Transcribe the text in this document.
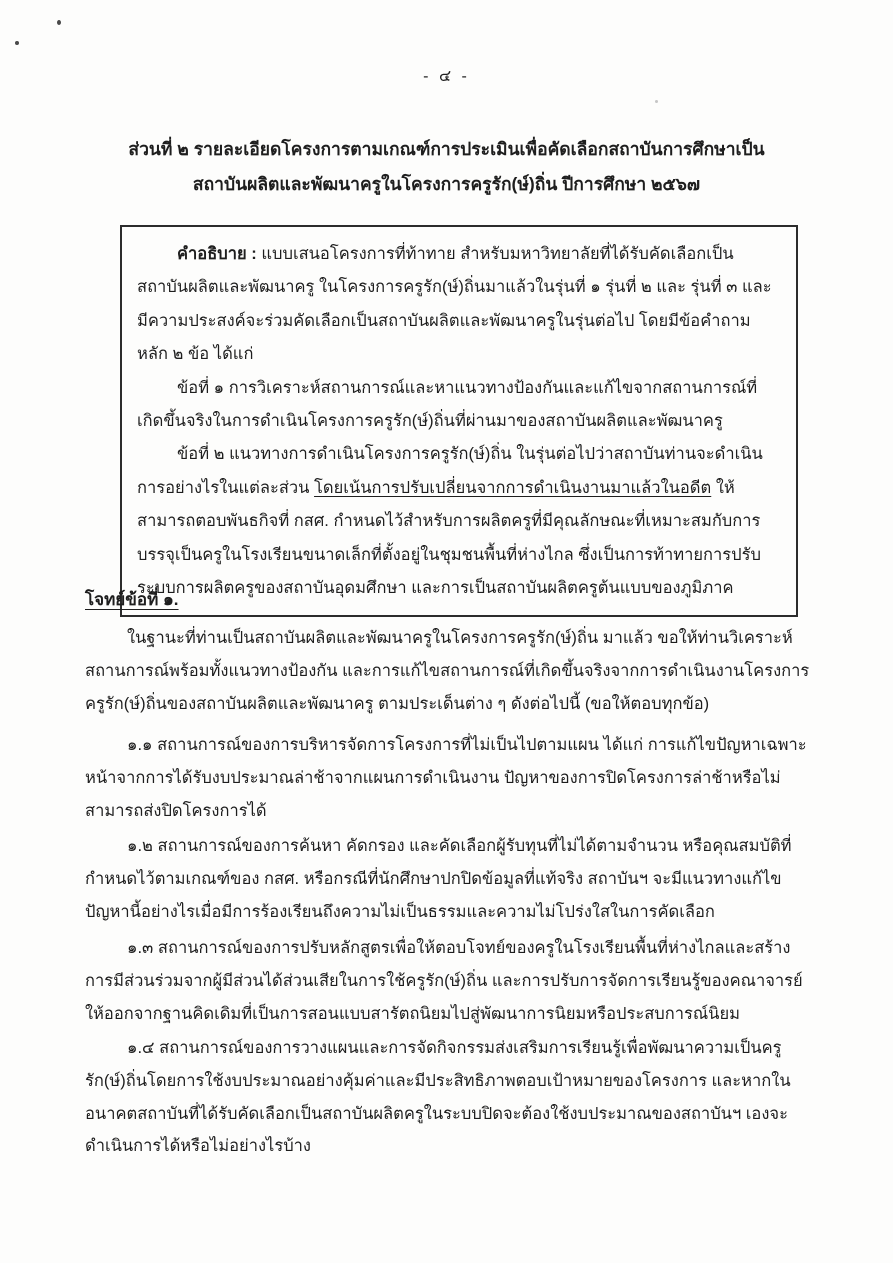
- ๔ -
ส่วนที่ ๒ รายละเอียดโครงการตามเกณฑ์การประเมินเพื่อคัดเลือกสถาบันการศึกษาเป็น
สถาบันผลิตและพัฒนาครูในโครงการครูรัก(ษ์)ถิ่น ปีการศึกษา ๒๕๖๗

คำอธิบาย : แบบเสนอโครงการที่ท้าทาย สำหรับมหาวิทยาลัยที่ได้รับคัดเลือกเป็นสถาบันผลิตและพัฒนาครู ในโครงการครูรัก(ษ์)ถิ่นมาแล้วในรุ่นที่ ๑ รุ่นที่ ๒ และ รุ่นที่ ๓ และมีความประสงค์จะร่วมคัดเลือกเป็นสถาบันผลิตและพัฒนาครูในรุ่นต่อไป โดยมีข้อคำถามหลัก ๒ ข้อ ได้แก่

ข้อที่ ๑ การวิเคราะห์สถานการณ์และหาแนวทางป้องกันและแก้ไขจากสถานการณ์ที่เกิดขึ้นจริงในการดำเนินโครงการครูรัก(ษ์)ถิ่นที่ผ่านมาของสถาบันผลิตและพัฒนาครู

ข้อที่ ๒ แนวทางการดำเนินโครงการครูรัก(ษ์)ถิ่น ในรุ่นต่อไปว่าสถาบันท่านจะดำเนินการอย่างไรในแต่ละส่วน โดยเน้นการปรับเปลี่ยนจากการดำเนินงานมาแล้วในอดีต ให้สามารถตอบพันธกิจที่ กสศ. กำหนดไว้สำหรับการผลิตครูที่มีคุณลักษณะที่เหมาะสมกับการบรรจุเป็นครูในโรงเรียนขนาดเล็กที่ตั้งอยู่ในชุมชนพื้นที่ห่างไกล ซึ่งเป็นการท้าทายการปรับระบบการผลิตครูของสถาบันอุดมศึกษา และการเป็นสถาบันผลิตครูต้นแบบของภูมิภาค

โจทย์ข้อที่ ๑.

ในฐานะที่ท่านเป็นสถาบันผลิตและพัฒนาครูในโครงการครูรัก(ษ์)ถิ่น มาแล้ว ขอให้ท่านวิเคราะห์สถานการณ์พร้อมทั้งแนวทางป้องกัน และการแก้ไขสถานการณ์ที่เกิดขึ้นจริงจากการดำเนินงานโครงการครูรัก(ษ์)ถิ่นของสถาบันผลิตและพัฒนาครู ตามประเด็นต่าง ๆ ดังต่อไปนี้ (ขอให้ตอบทุกข้อ)

๑.๑ สถานการณ์ของการบริหารจัดการโครงการที่ไม่เป็นไปตามแผน ได้แก่ การแก้ไขปัญหาเฉพาะหน้าจากการได้รับงบประมาณล่าช้าจากแผนการดำเนินงาน ปัญหาของการปิดโครงการล่าช้าหรือไม่สามารถส่งปิดโครงการได้

๑.๒ สถานการณ์ของการค้นหา คัดกรอง และคัดเลือกผู้รับทุนที่ไม่ได้ตามจำนวน หรือคุณสมบัติที่กำหนดไว้ตามเกณฑ์ของ กสศ. หรือกรณีที่นักศึกษาปกปิดข้อมูลที่แท้จริง สถาบันฯ จะมีแนวทางแก้ไขปัญหานี้อย่างไรเมื่อมีการร้องเรียนถึงความไม่เป็นธรรมและความไม่โปร่งใสในการคัดเลือก

๑.๓ สถานการณ์ของการปรับหลักสูตรเพื่อให้ตอบโจทย์ของครูในโรงเรียนพื้นที่ห่างไกลและสร้างการมีส่วนร่วมจากผู้มีส่วนได้ส่วนเสียในการใช้ครูรัก(ษ์)ถิ่น และการปรับการจัดการเรียนรู้ของคณาจารย์ให้ออกจากฐานคิดเดิมที่เป็นการสอนแบบสารัตถนิยมไปสู่พัฒนาการนิยมหรือประสบการณ์นิยม

๑.๔ สถานการณ์ของการวางแผนและการจัดกิจกรรมส่งเสริมการเรียนรู้เพื่อพัฒนาความเป็นครูรัก(ษ์)ถิ่นโดยการใช้งบประมาณอย่างคุ้มค่าและมีประสิทธิภาพตอบเป้าหมายของโครงการ และหากในอนาคตสถาบันที่ได้รับคัดเลือกเป็นสถาบันผลิตครูในระบบปิดจะต้องใช้งบประมาณของสถาบันฯ เองจะดำเนินการได้หรือไม่อย่างไรบ้าง
